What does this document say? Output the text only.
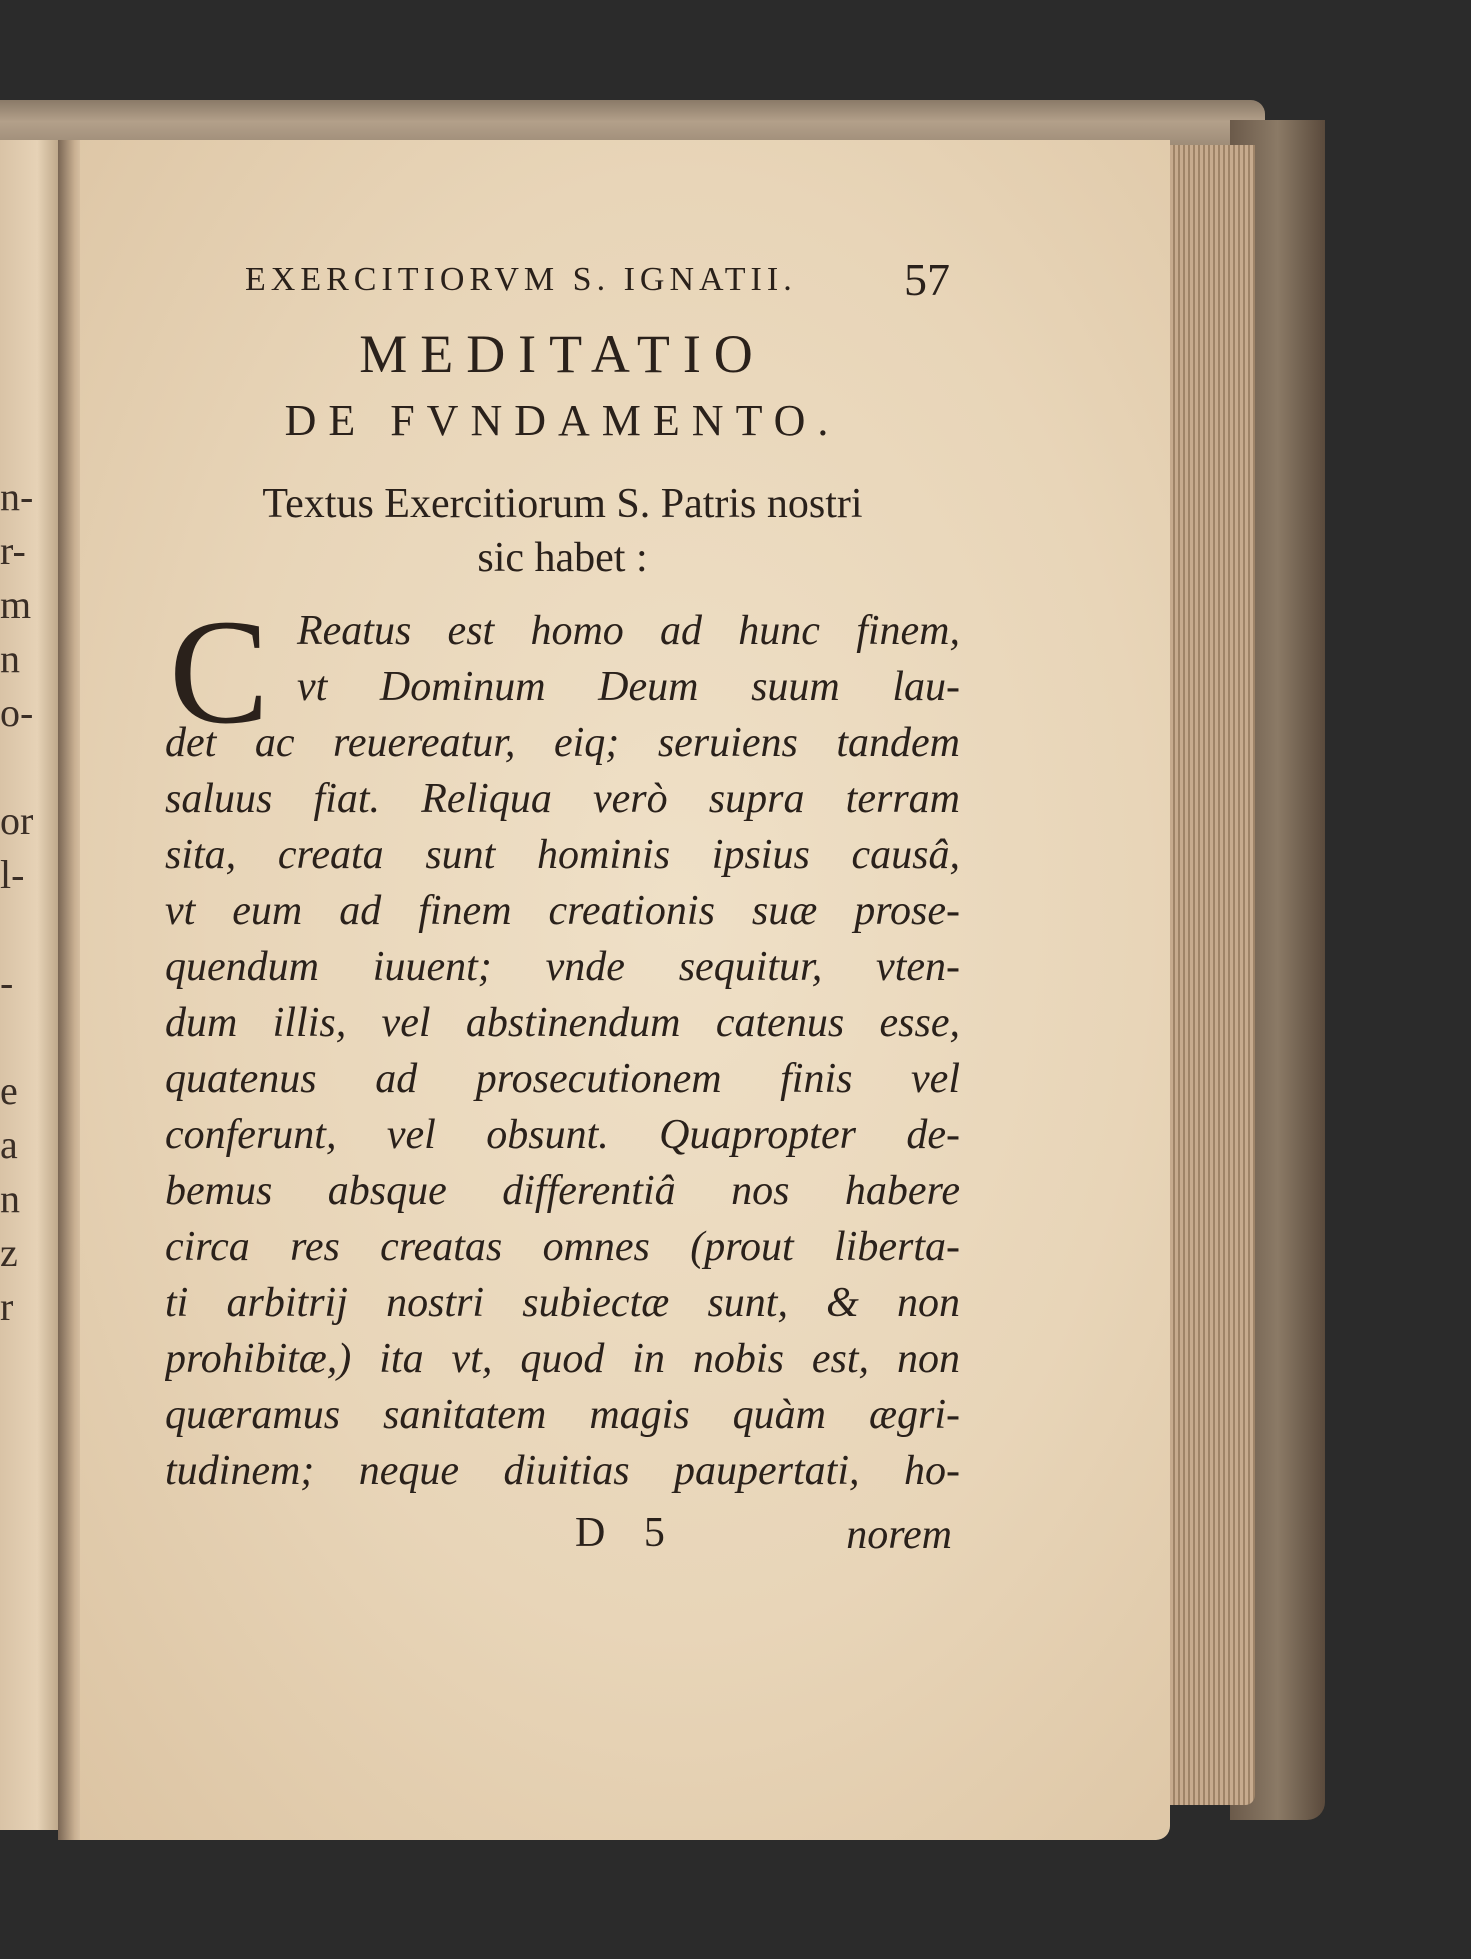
n-
r-
m
n
o-
or
l-
-
e
a
n
z
r
EXERCITIORVM S. IGNATII. 57
MEDITATIO
DE FVNDAMENTO.
Textus Exercitiorum S. Patris nostri
sic habet :
C Reatus est homo ad hunc finem,
vt Dominum Deum suum lau-
det ac reuereatur, eiq; seruiens tandem
saluus fiat. Reliqua verò supra terram
sita, creata sunt hominis ipsius causâ,
vt eum ad finem creationis suæ prose-
quendum iuuent; vnde sequitur, vten-
dum illis, vel abstinendum catenus esse,
quatenus ad prosecutionem finis vel
conferunt, vel obsunt. Quapropter de-
bemus absque differentiâ nos habere
circa res creatas omnes (prout liberta-
ti arbitrij nostri subiectæ sunt, & non
prohibitæ,) ita vt, quod in nobis est, non
quæramus sanitatem magis quàm ægri-
tudinem; neque diuitias paupertati, ho-
D 5	norem
